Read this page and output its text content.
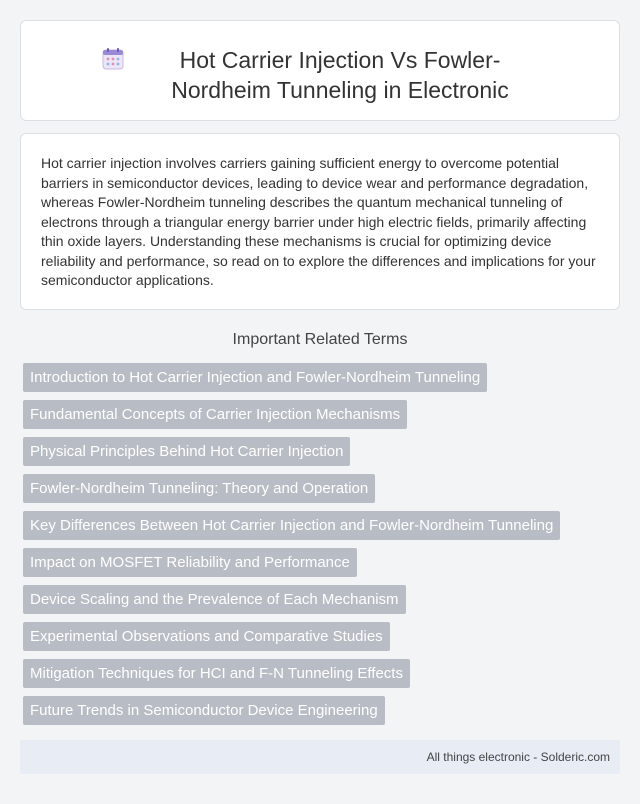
Hot Carrier Injection Vs Fowler-Nordheim Tunneling in Electronic

Hot carrier injection involves carriers gaining sufficient energy to overcome potential barriers in semiconductor devices, leading to device wear and performance degradation, whereas Fowler-Nordheim tunneling describes the quantum mechanical tunneling of electrons through a triangular energy barrier under high electric fields, primarily affecting thin oxide layers. Understanding these mechanisms is crucial for optimizing device reliability and performance, so read on to explore the differences and implications for your semiconductor applications.

Important Related Terms
Introduction to Hot Carrier Injection and Fowler-Nordheim Tunneling
Fundamental Concepts of Carrier Injection Mechanisms
Physical Principles Behind Hot Carrier Injection
Fowler-Nordheim Tunneling: Theory and Operation
Key Differences Between Hot Carrier Injection and Fowler-Nordheim Tunneling
Impact on MOSFET Reliability and Performance
Device Scaling and the Prevalence of Each Mechanism
Experimental Observations and Comparative Studies
Mitigation Techniques for HCI and F-N Tunneling Effects
Future Trends in Semiconductor Device Engineering
All things electronic - Solderic.com
